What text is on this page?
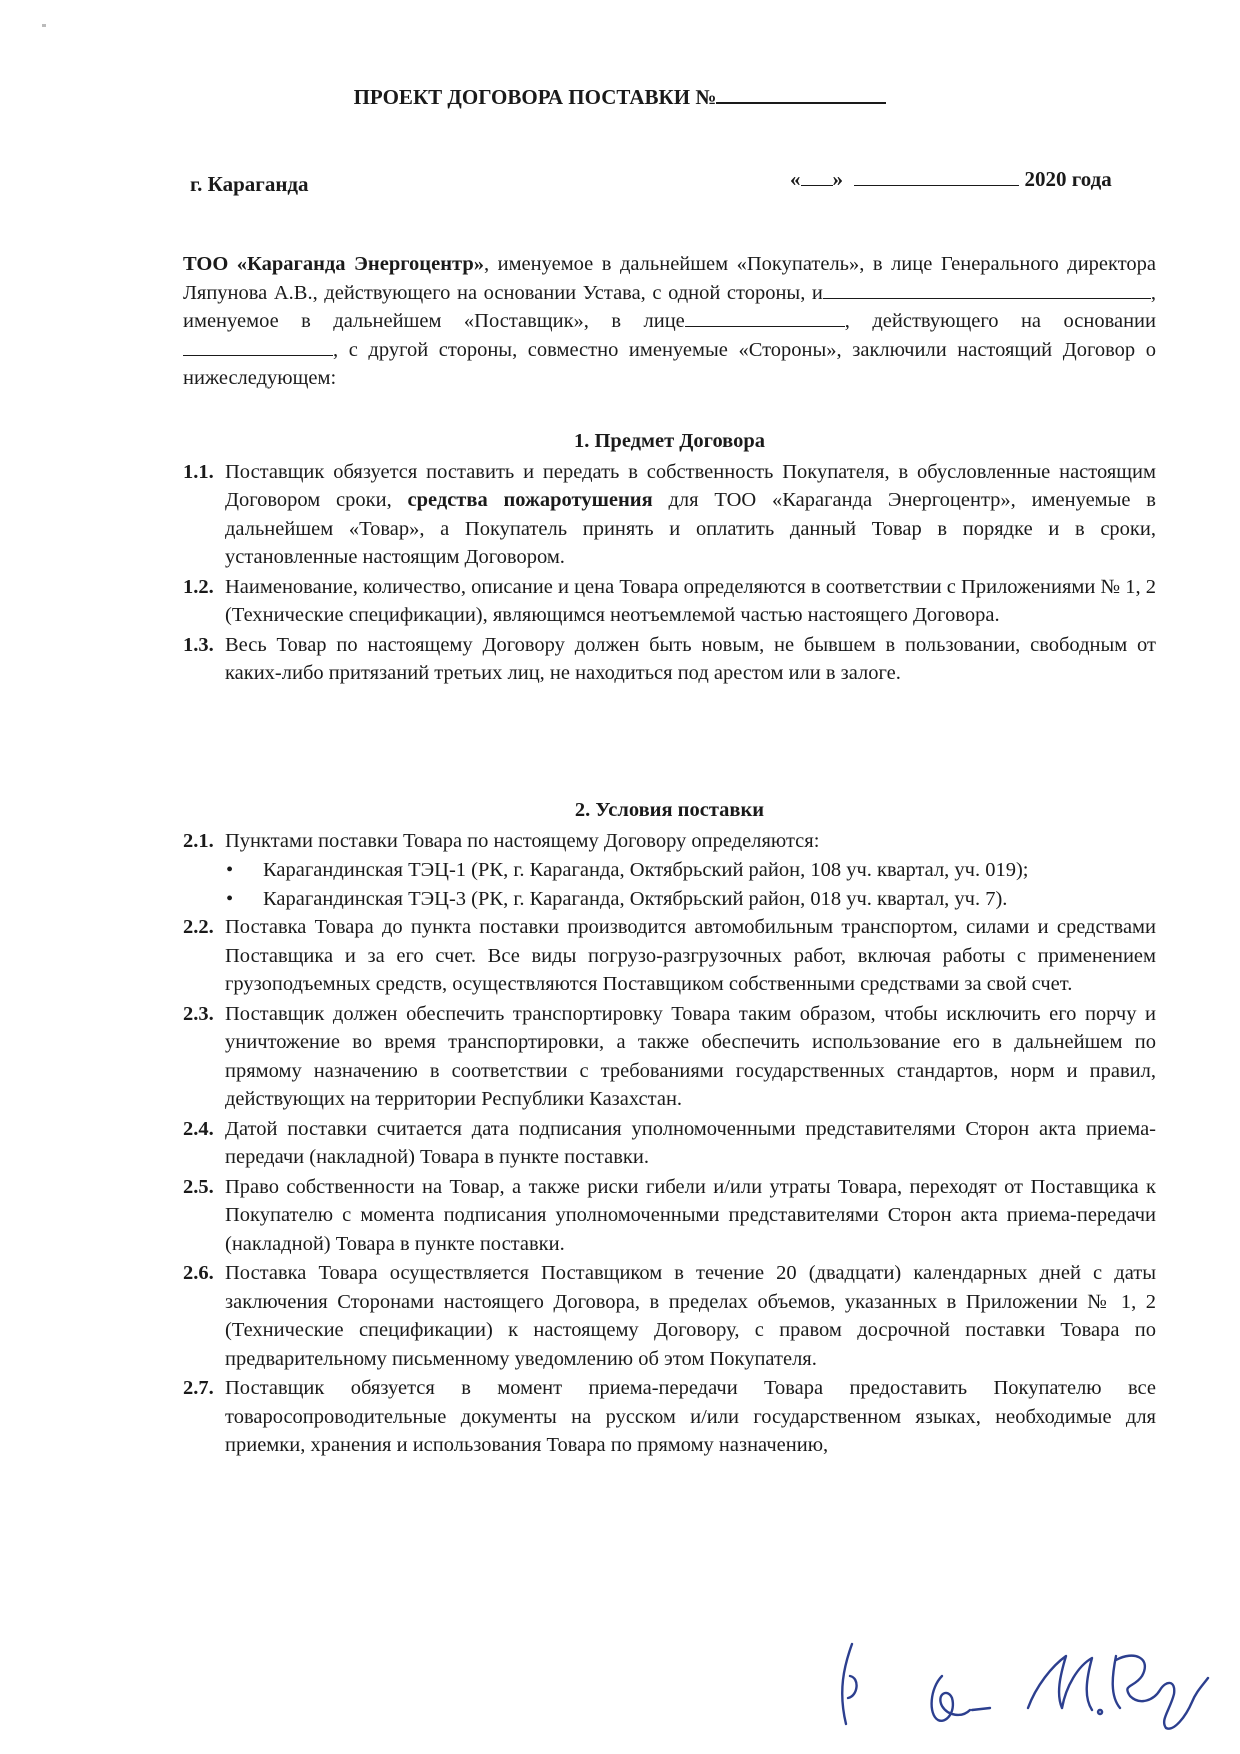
ПРОЕКТ ДОГОВОРА ПОСТАВКИ №
г. Караганда	« »	2020 года
ТОО «Караганда Энергоцентр», именуемое в дальнейшем «Покупатель», в лице Генерального директора Ляпунова А.В., действующего на основании Устава, с одной стороны, и	, именуемое в дальнейшем «Поставщик», в лице	, действующего на основании, с другой стороны, совместно именуемые «Стороны», заключили настоящий Договор о нижеследующем:
1. Предмет Договора
1.1. Поставщик обязуется поставить и передать в собственность Покупателя, в обусловленные настоящим Договором сроки, средства пожаротушения для ТОО «Караганда Энергоцентр», именуемые в дальнейшем «Товар», а Покупатель принять и оплатить данный Товар в порядке и в сроки, установленные настоящим Договором.

1.2. Наименование, количество, описание и цена Товара определяются в соответствии с Приложениями № 1, 2 (Технические спецификации), являющимся неотъемлемой частью настоящего Договора.

1.3. Весь Товар по настоящему Договору должен быть новым, не бывшем в пользовании, свободным от каких-либо притязаний третьих лиц, не находиться под арестом или в залоге.

2. Условия поставки
2.1. Пунктами поставки Товара по настоящему Договору определяются:

• Карагандинская ТЭЦ-1 (РК, г. Караганда, Октябрьский район, 108 уч. квартал, уч. 019);
• Карагандинская ТЭЦ-3 (РК, г. Караганда, Октябрьский район, 018 уч. квартал, уч. 7).
2.2. Поставка Товара до пункта поставки производится автомобильным транспортом, силами и средствами Поставщика и за его счет. Все виды погрузо-разгрузочных работ, включая работы с применением грузоподъемных средств, осуществляются Поставщиком собственными средствами за свой счет.

2.3. Поставщик должен обеспечить транспортировку Товара таким образом, чтобы исключить его порчу и уничтожение во время транспортировки, а также обеспечить использование его в дальнейшем по прямому назначению в соответствии с требованиями государственных стандартов, норм и правил, действующих на территории Республики Казахстан.

2.4. Датой поставки считается дата подписания уполномоченными представителями Сторон акта приема-передачи (накладной) Товара в пункте поставки.

2.5. Право собственности на Товар, а также риски гибели и/или утраты Товара, переходят от Поставщика к Покупателю с момента подписания уполномоченными представителями Сторон акта приема-передачи (накладной) Товара в пункте поставки.

2.6. Поставка Товара осуществляется Поставщиком в течение 20 (двадцати) календарных дней с даты заключения Сторонами настоящего Договора, в пределах объемов, указанных в Приложении № 1, 2 (Технические спецификации) к настоящему Договору, с правом досрочной поставки Товара по предварительному письменному уведомлению об этом Покупателя.

2.7. Поставщик обязуется в момент приема-передачи Товара предоставить Покупателю все товаросопроводительные документы на русском и/или государственном языках, необходимые для приемки, хранения и использования Товара по прямому назначению,
